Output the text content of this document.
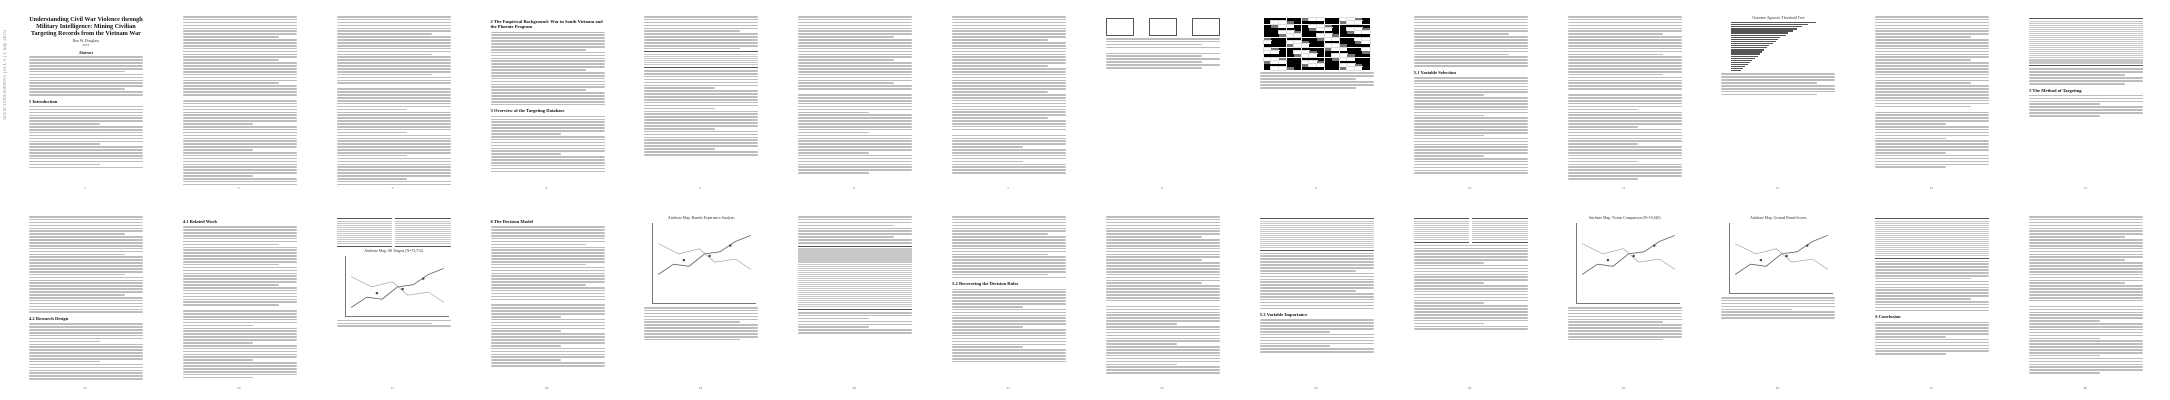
arXiv:1909.00000v1 [cs.CY] 1 Sep 2019
Understanding Civil War Violence through Military Intelligence: Mining Civilian Targeting Records from the Vietnam War
Rex W. Douglass
2019
Abstract
1 Introduction
1	2	3
2 The Empirical Background: War in South Vietnam and the Phoenix Program
3 Overview of the Targeting Database
4	5	6	7	8	9
5.1 Variable Selection
10	11
Outcome Agnostic Threshold Tree
12	13
5 The Method of Targeting
14
4.2 Research Design
15
4.1 Related Work
16
Attribute Map, All Targets (N=73,712)
17
6 The Decision Model
18
Attribute Map, Hamlet Experience Analysis
19	20
5.2 Recovering the Decision Rules
21	22
5.3 Variable Importance
23	24
Attribute Map, Victim Comparison (N=19,420)
25
Attribute Map, Ground Bomb Scores
26
6 Conclusion
27	28
